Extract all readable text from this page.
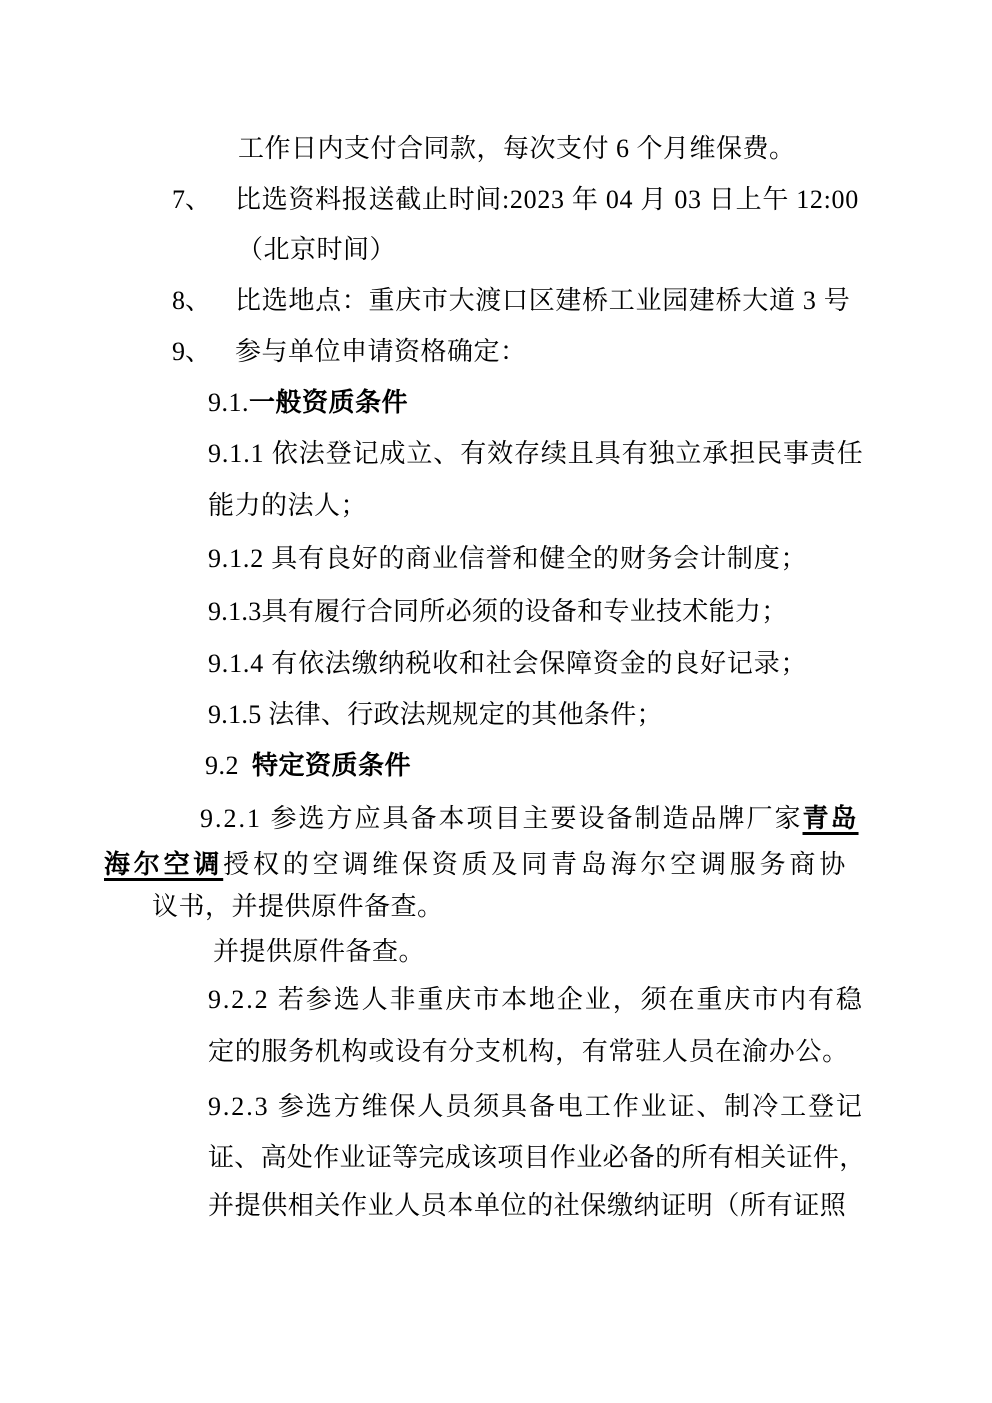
工作日内支付合同款，每次支付 6 个月维保费。
7、 比选资料报送截止时间:2023 年 04 月 03 日上午 12:00
（北京时间）
8、 比选地点：重庆市大渡口区建桥工业园建桥大道 3 号
9、 参与单位申请资格确定：
9.1.一般资质条件
9.1.1 依法登记成立、有效存续且具有独立承担民事责任
能力的法人；
9.1.2 具有良好的商业信誉和健全的财务会计制度；
9.1.3具有履行合同所必须的设备和专业技术能力；
9.1.4 有依法缴纳税收和社会保障资金的良好记录；
9.1.5 法律、行政法规规定的其他条件；
9.2 特定资质条件
9.2.1 参选方应具备本项目主要设备制造品牌厂家青岛
海尔空调授权的空调维保资质及同青岛海尔空调服务商协
议书，并提供原件备查。
并提供原件备查。
9.2.2 若参选人非重庆市本地企业，须在重庆市内有稳
定的服务机构或设有分支机构，有常驻人员在渝办公。
9.2.3 参选方维保人员须具备电工作业证、制冷工登记
证、高处作业证等完成该项目作业必备的所有相关证件，
并提供相关作业人员本单位的社保缴纳证明（所有证照
